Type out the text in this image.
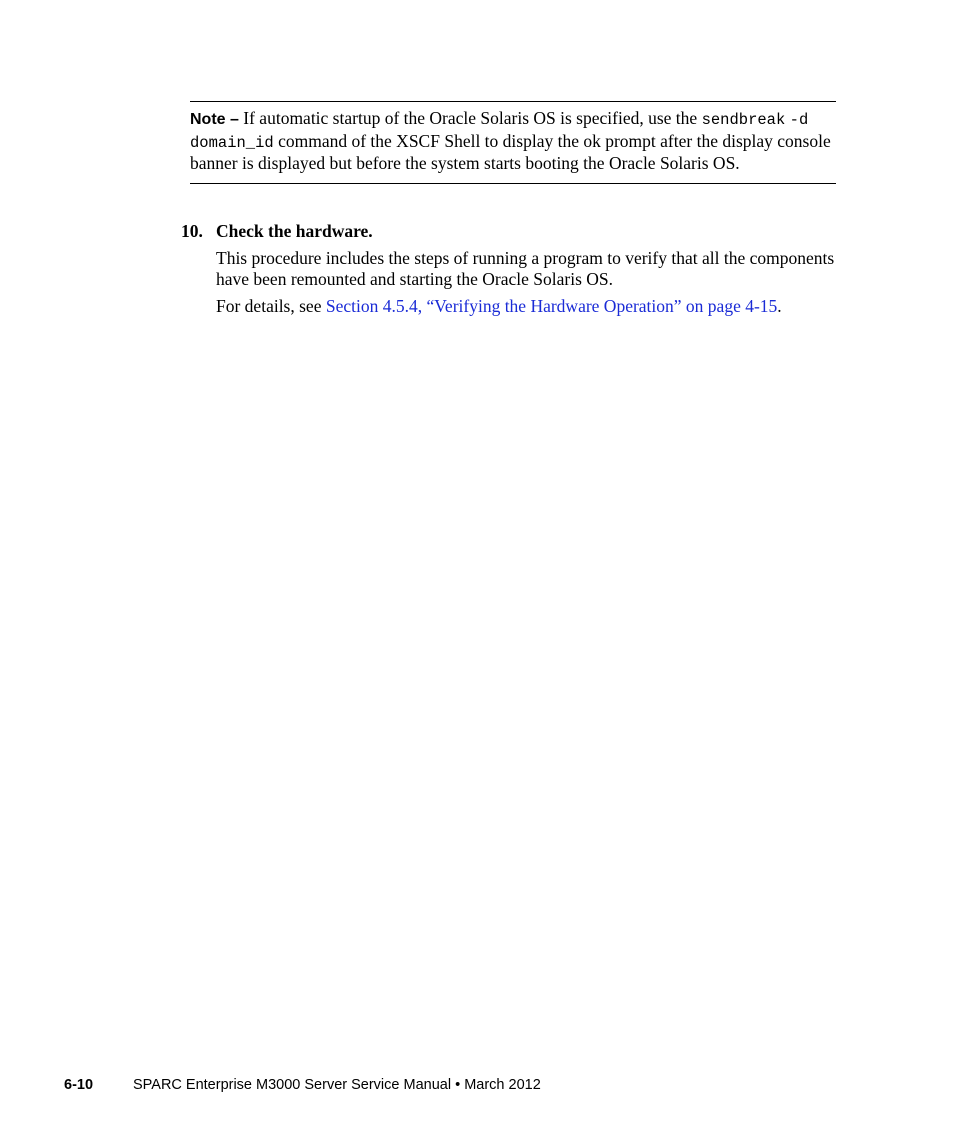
Note – If automatic startup of the Oracle Solaris OS is specified, use the sendbreak -d domain_id command of the XSCF Shell to display the ok prompt after the display console banner is displayed but before the system starts booting the Oracle Solaris OS.

10. Check the hardware.

This procedure includes the steps of running a program to verify that all the components have been remounted and starting the Oracle Solaris OS.

For details, see Section 4.5.4, “Verifying the Hardware Operation” on page 4-15.

6-10	SPARC Enterprise M3000 Server Service Manual • March 2012
